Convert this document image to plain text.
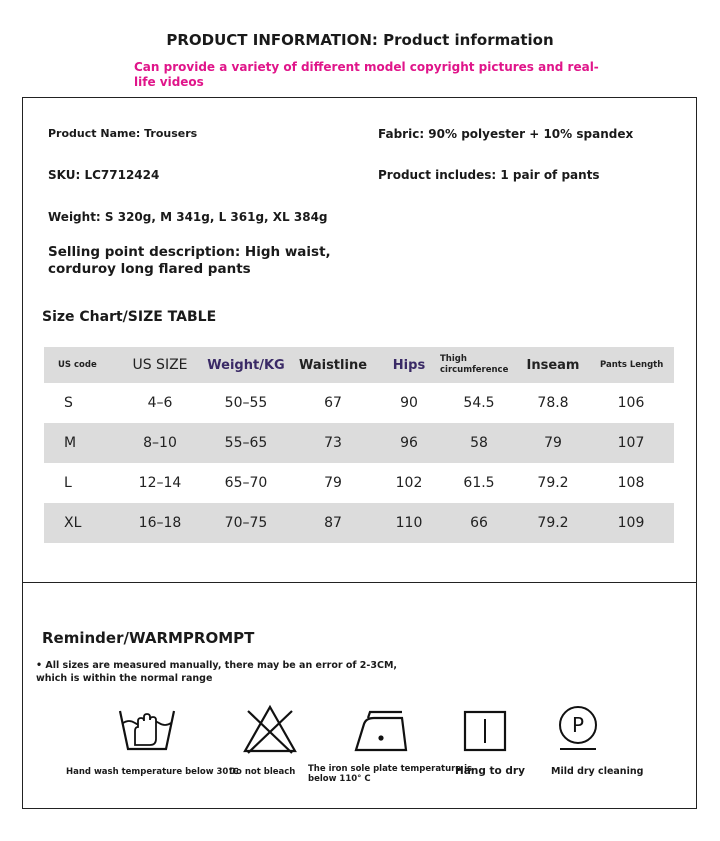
PRODUCT INFORMATION: Product information
Can provide a variety of different model copyright pictures and real-life videos
Product Name: Trousers	Fabric: 90% polyester + 10% spandex
SKU: LC7712424	Product includes: 1 pair of pants
Weight: S 320g, M 341g, L 361g, XL 384g
Selling point description: High waist,
corduroy long flared pants
Size Chart/SIZE TABLE
US code	US SIZE	Weight/KG	Waistline	Hips	Thigh circumference	Inseam	Pants Length
S	4–6	50–55	67	90	54.5	78.8	106
M	8–10	55–65	73	96	58	79	107
L	12–14	65–70	79	102	61.5	79.2	108
XL	16–18	70–75	87	110	66	79.2	109
Reminder/WARMPROMPT
• All sizes are measured manually, there may be an error of 2-3CM,
which is within the normal range
P
Hand wash temperature below 30℃
Do not bleach The iron sole plate temperature is
below 110° C
Hang to dry	Mild dry cleaning
